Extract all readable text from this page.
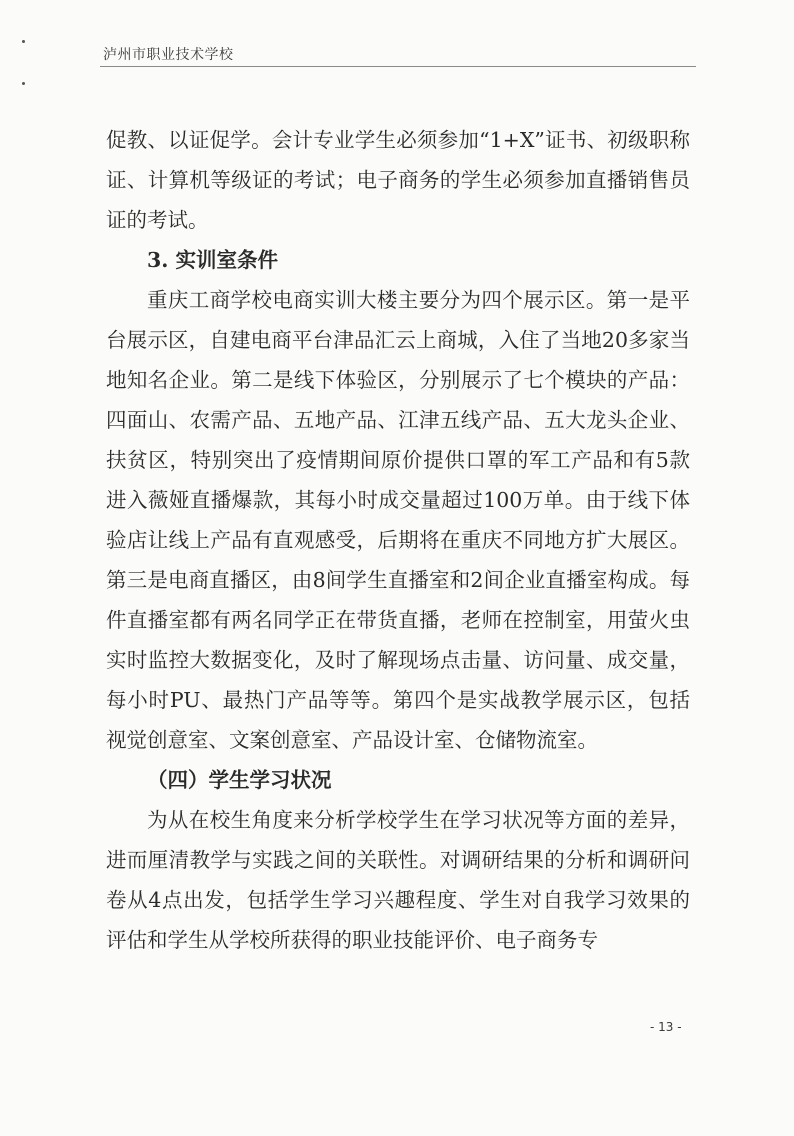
泸州市职业技术学校

促教、以证促学。会计专业学生必须参加“1+X”证书、初级职称证、计算机等级证的考试；电子商务的学生必须参加直播销售员证的考试。

3. 实训室条件

重庆工商学校电商实训大楼主要分为四个展示区。第一是平台展示区，自建电商平台津品汇云上商城，入住了当地20多家当地知名企业。第二是线下体验区，分别展示了七个模块的产品：四面山、农需产品、五地产品、江津五线产品、五大龙头企业、扶贫区，特别突出了疫情期间原价提供口罩的军工产品和有5款进入薇娅直播爆款，其每小时成交量超过100万单。由于线下体验店让线上产品有直观感受，后期将在重庆不同地方扩大展区。第三是电商直播区，由8间学生直播室和2间企业直播室构成。每件直播室都有两名同学正在带货直播，老师在控制室，用萤火虫实时监控大数据变化，及时了解现场点击量、访问量、成交量，每小时PU、最热门产品等等。第四个是实战教学展示区，包括视觉创意室、文案创意室、产品设计室、仓储物流室。

（四）学生学习状况

为从在校生角度来分析学校学生在学习状况等方面的差异，进而厘清教学与实践之间的关联性。对调研结果的分析和调研问卷从4点出发，包括学生学习兴趣程度、学生对自我学习效果的评估和学生从学校所获得的职业技能评价、电子商务专

- 13 -
